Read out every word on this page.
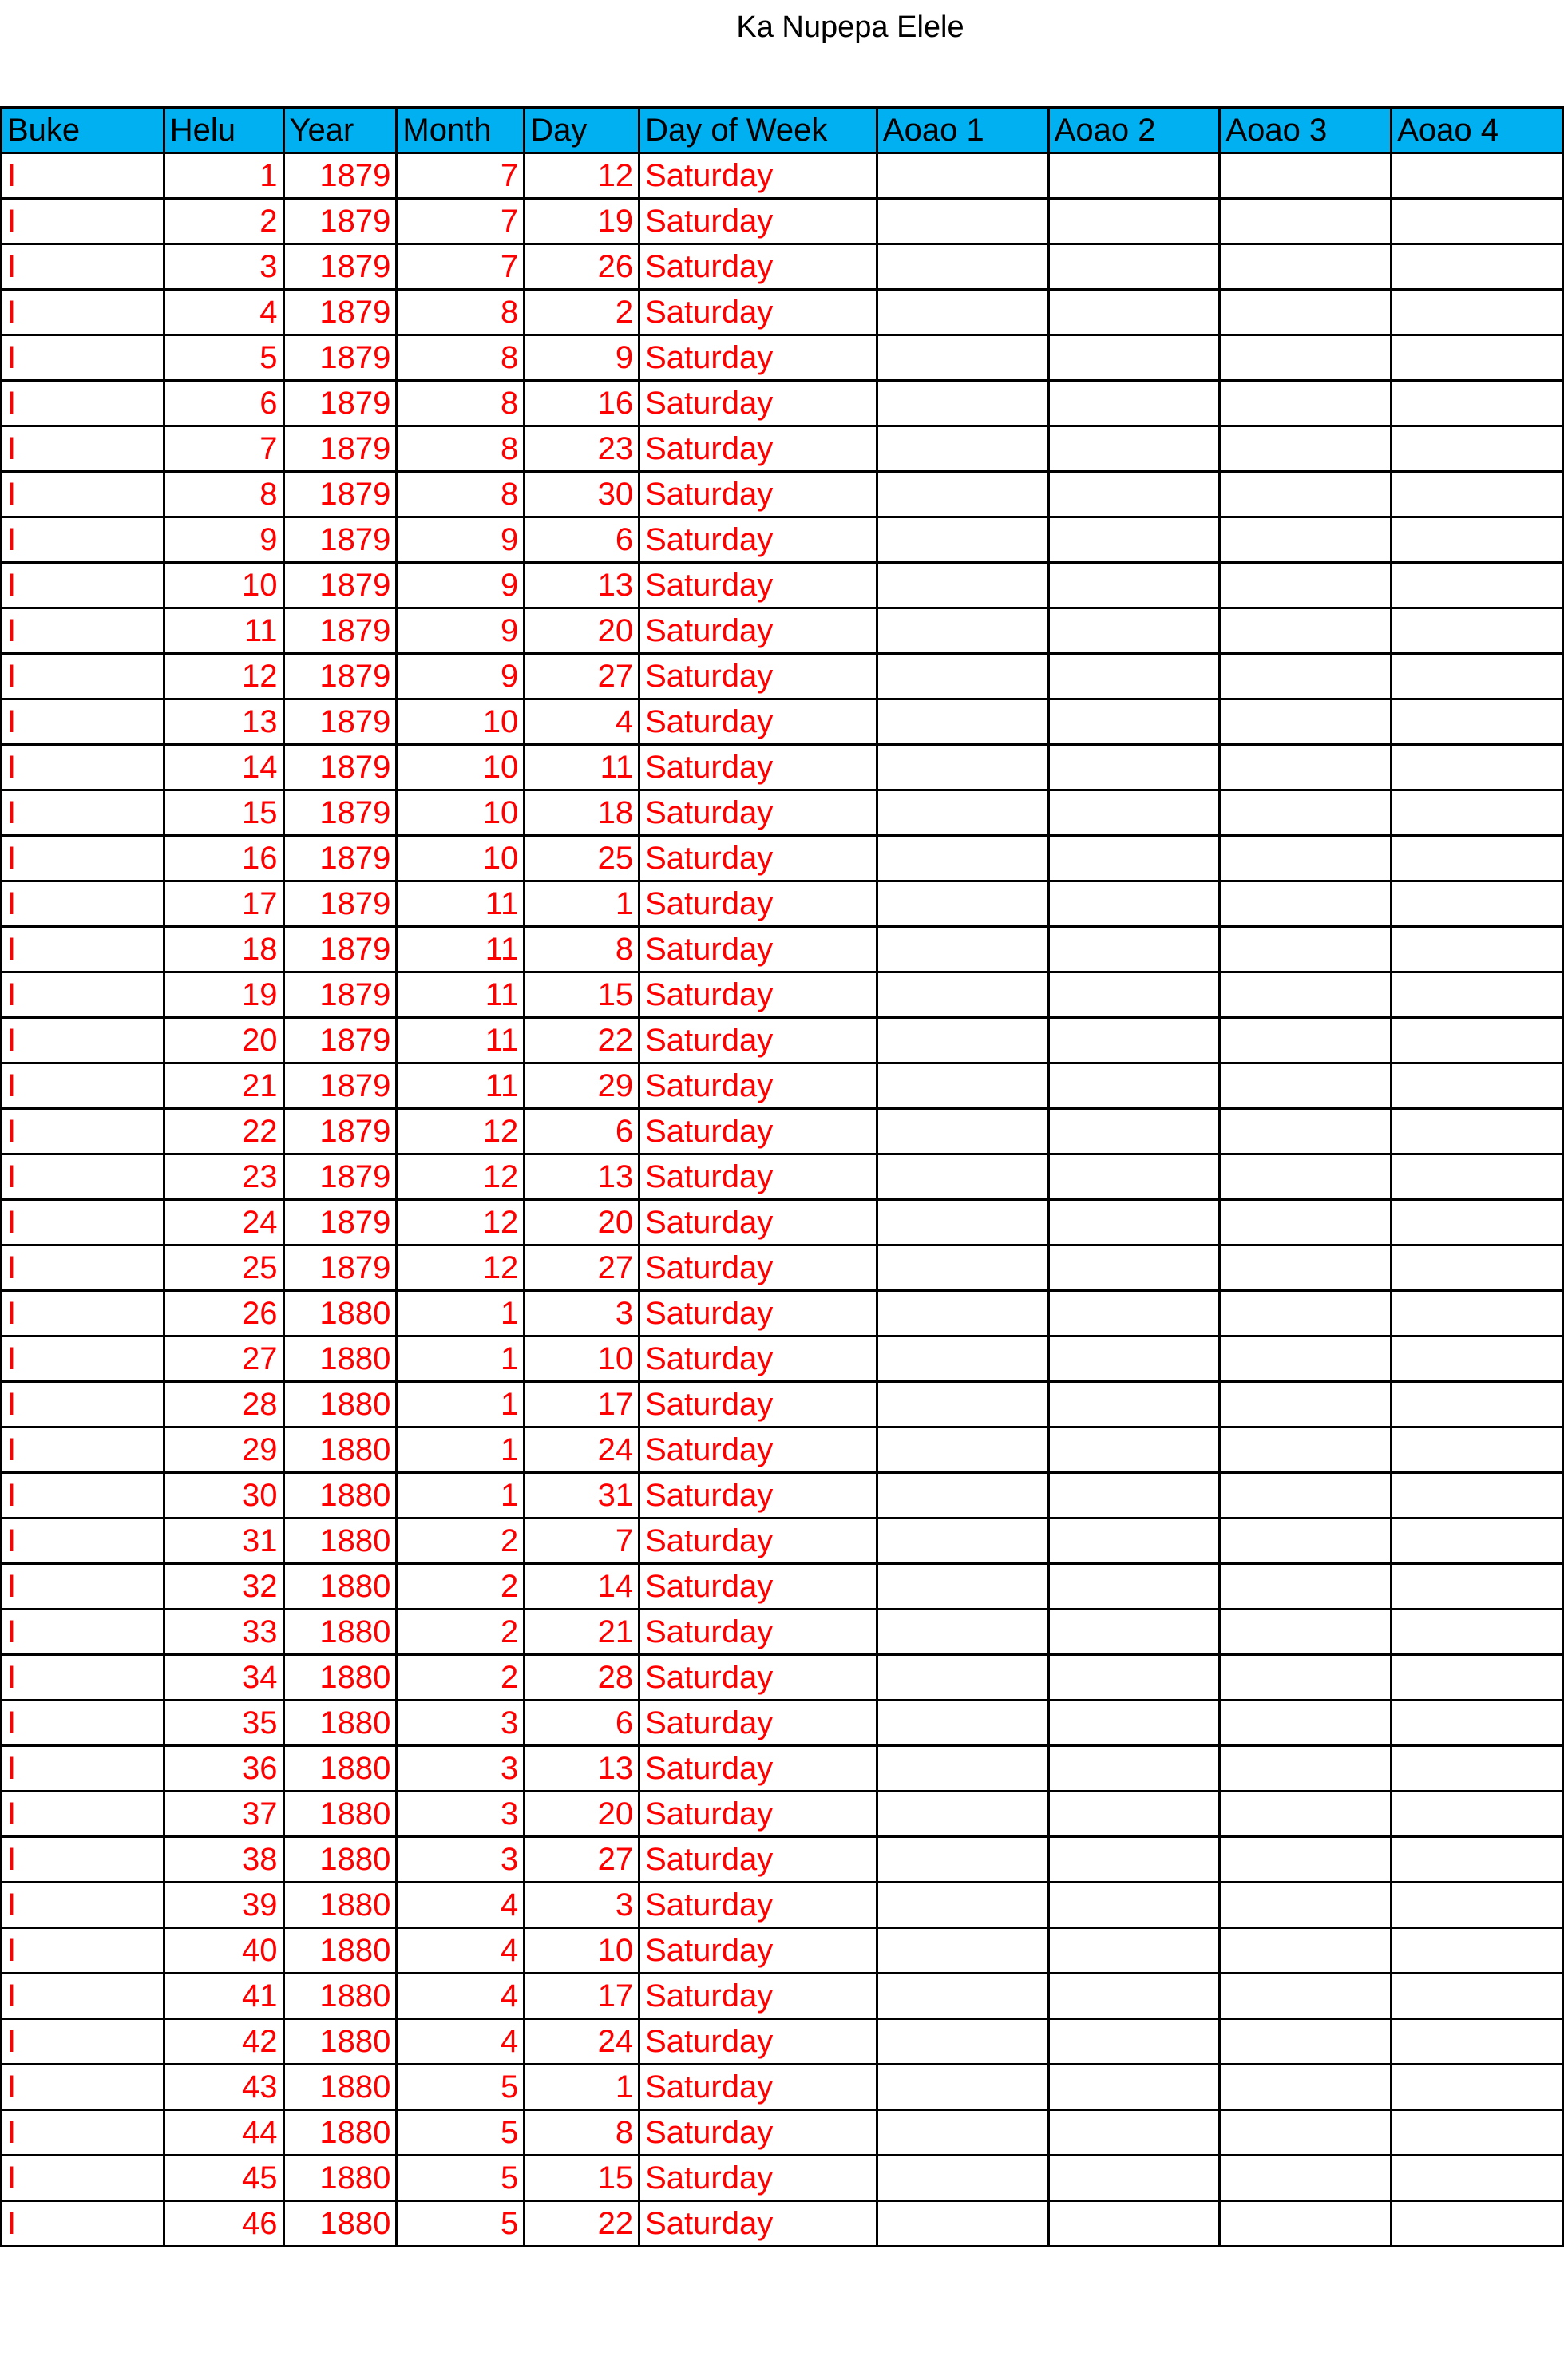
Ka Nupepa Elele
Buke	Helu	Year	Month	Day	Day of Week	Aoao 1	Aoao 2	Aoao 3	Aoao 4
I	1	1879	7	12	Saturday				
I	2	1879	7	19	Saturday				
I	3	1879	7	26	Saturday				
I	4	1879	8	2	Saturday				
I	5	1879	8	9	Saturday				
I	6	1879	8	16	Saturday				
I	7	1879	8	23	Saturday				
I	8	1879	8	30	Saturday				
I	9	1879	9	6	Saturday				
I	10	1879	9	13	Saturday				
I	11	1879	9	20	Saturday				
I	12	1879	9	27	Saturday				
I	13	1879	10	4	Saturday				
I	14	1879	10	11	Saturday				
I	15	1879	10	18	Saturday				
I	16	1879	10	25	Saturday				
I	17	1879	11	1	Saturday				
I	18	1879	11	8	Saturday				
I	19	1879	11	15	Saturday				
I	20	1879	11	22	Saturday				
I	21	1879	11	29	Saturday				
I	22	1879	12	6	Saturday				
I	23	1879	12	13	Saturday				
I	24	1879	12	20	Saturday				
I	25	1879	12	27	Saturday				
I	26	1880	1	3	Saturday				
I	27	1880	1	10	Saturday				
I	28	1880	1	17	Saturday				
I	29	1880	1	24	Saturday				
I	30	1880	1	31	Saturday				
I	31	1880	2	7	Saturday				
I	32	1880	2	14	Saturday				
I	33	1880	2	21	Saturday				
I	34	1880	2	28	Saturday				
I	35	1880	3	6	Saturday				
I	36	1880	3	13	Saturday				
I	37	1880	3	20	Saturday				
I	38	1880	3	27	Saturday				
I	39	1880	4	3	Saturday				
I	40	1880	4	10	Saturday				
I	41	1880	4	17	Saturday				
I	42	1880	4	24	Saturday				
I	43	1880	5	1	Saturday				
I	44	1880	5	8	Saturday				
I	45	1880	5	15	Saturday				
I	46	1880	5	22	Saturday				
